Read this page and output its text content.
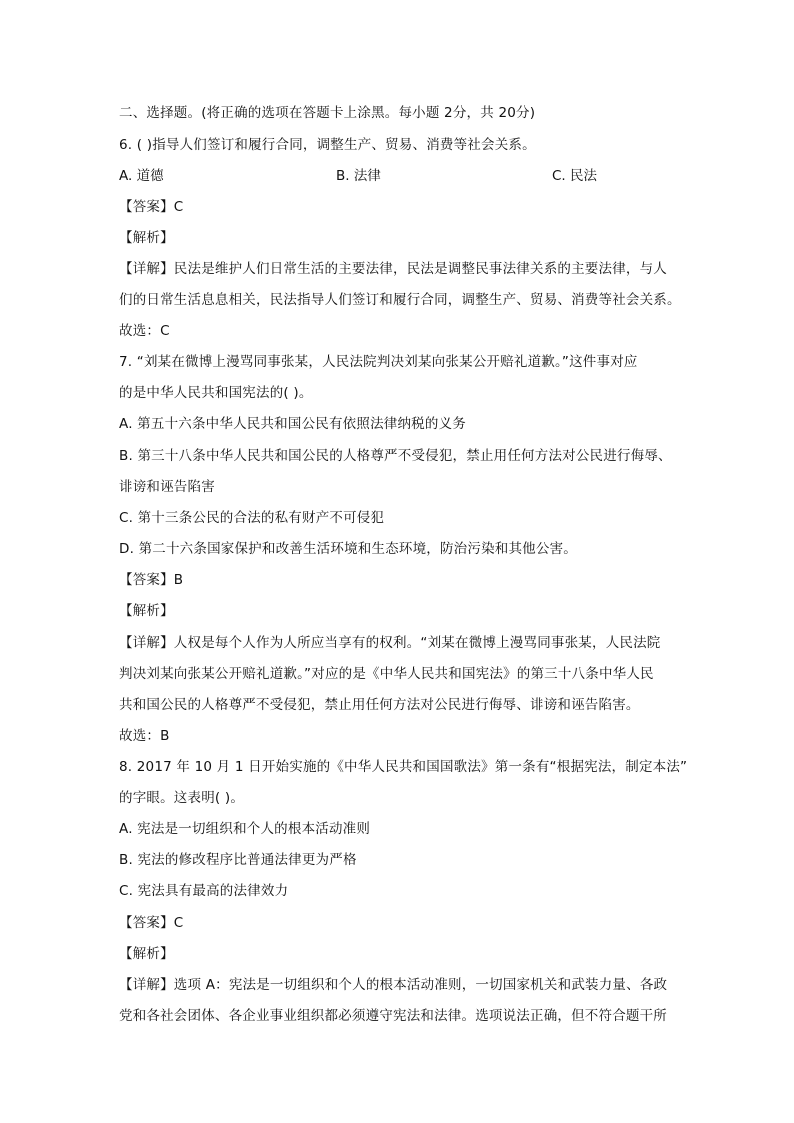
二、选择题。(将正确的选项在答题卡上涂黑。每小题 2分，共 20分)
6. ( )指导人们签订和履行合同，调整生产、贸易、消费等社会关系。
A. 道德	B. 法律	C. 民法
【答案】C
【解析】
【详解】民法是维护人们日常生活的主要法律，民法是调整民事法律关系的主要法律，与人
们的日常生活息息相关，民法指导人们签订和履行合同，调整生产、贸易、消费等社会关系。
故选：C
7. “刘某在微博上漫骂同事张某，人民法院判决刘某向张某公开赔礼道歉。”这件事对应
的是中华人民共和国宪法的( )。
A. 第五十六条中华人民共和国公民有依照法律纳税的义务
B. 第三十八条中华人民共和国公民的人格尊严不受侵犯，禁止用任何方法对公民进行侮辱、
诽谤和诬告陷害
C. 第十三条公民的合法的私有财产不可侵犯
D. 第二十六条国家保护和改善生活环境和生态环境，防治污染和其他公害。
【答案】B
【解析】
【详解】人权是每个人作为人所应当享有的权利。“刘某在微博上漫骂同事张某，人民法院
判决刘某向张某公开赔礼道歉。”对应的是《中华人民共和国宪法》的第三十八条中华人民
共和国公民的人格尊严不受侵犯，禁止用任何方法对公民进行侮辱、诽谤和诬告陷害。
故选：B
8. 2017 年 10 月 1 日开始实施的《中华人民共和国国歌法》第一条有“根据宪法，制定本法”
的字眼。这表明( )。
A. 宪法是一切组织和个人的根本活动准则
B. 宪法的修改程序比普通法律更为严格
C. 宪法具有最高的法律效力
【答案】C
【解析】
【详解】选项 A：宪法是一切组织和个人的根本活动准则，一切国家机关和武装力量、各政
党和各社会团体、各企业事业组织都必须遵守宪法和法律。选项说法正确，但不符合题干所
